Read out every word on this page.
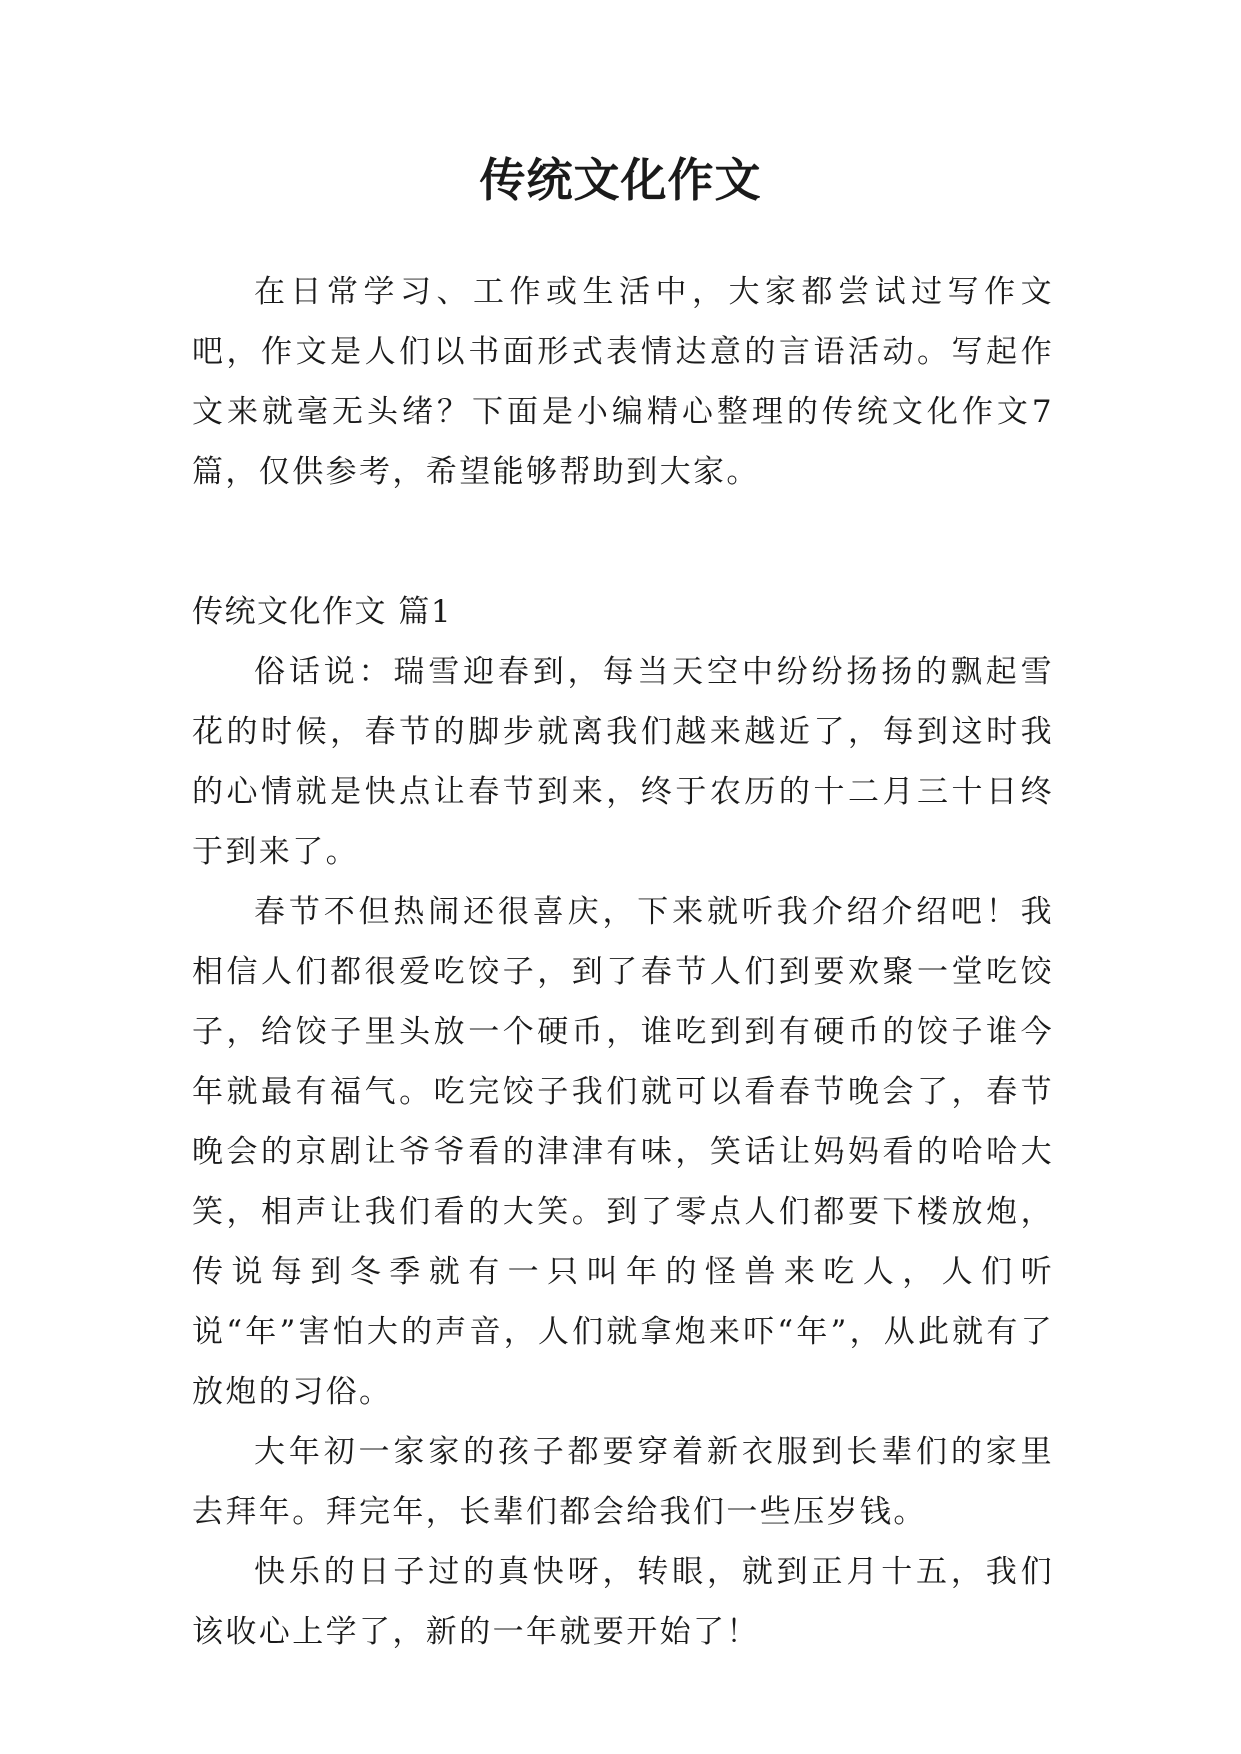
传统文化作文

在日常学习、工作或生活中，大家都尝试过写作文吧，作文是人们以书面形式表情达意的言语活动。写起作文来就毫无头绪？下面是小编精心整理的传统文化作文7篇，仅供参考，希望能够帮助到大家。

传统文化作文 篇1

俗话说：瑞雪迎春到，每当天空中纷纷扬扬的飘起雪花的时候，春节的脚步就离我们越来越近了，每到这时我的心情就是快点让春节到来，终于农历的十二月三十日终于到来了。

春节不但热闹还很喜庆，下来就听我介绍介绍吧！我相信人们都很爱吃饺子，到了春节人们到要欢聚一堂吃饺子，给饺子里头放一个硬币，谁吃到到有硬币的饺子谁今年就最有福气。吃完饺子我们就可以看春节晚会了，春节晚会的京剧让爷爷看的津津有味，笑话让妈妈看的哈哈大笑，相声让我们看的大笑。到了零点人们都要下楼放炮，传说每到冬季就有一只叫年的怪兽来吃人，人们听说“年”害怕大的声音，人们就拿炮来吓“年”，从此就有了放炮的习俗。

大年初一家家的孩子都要穿着新衣服到长辈们的家里去拜年。拜完年，长辈们都会给我们一些压岁钱。

快乐的日子过的真快呀，转眼，就到正月十五，我们该收心上学了，新的一年就要开始了！
